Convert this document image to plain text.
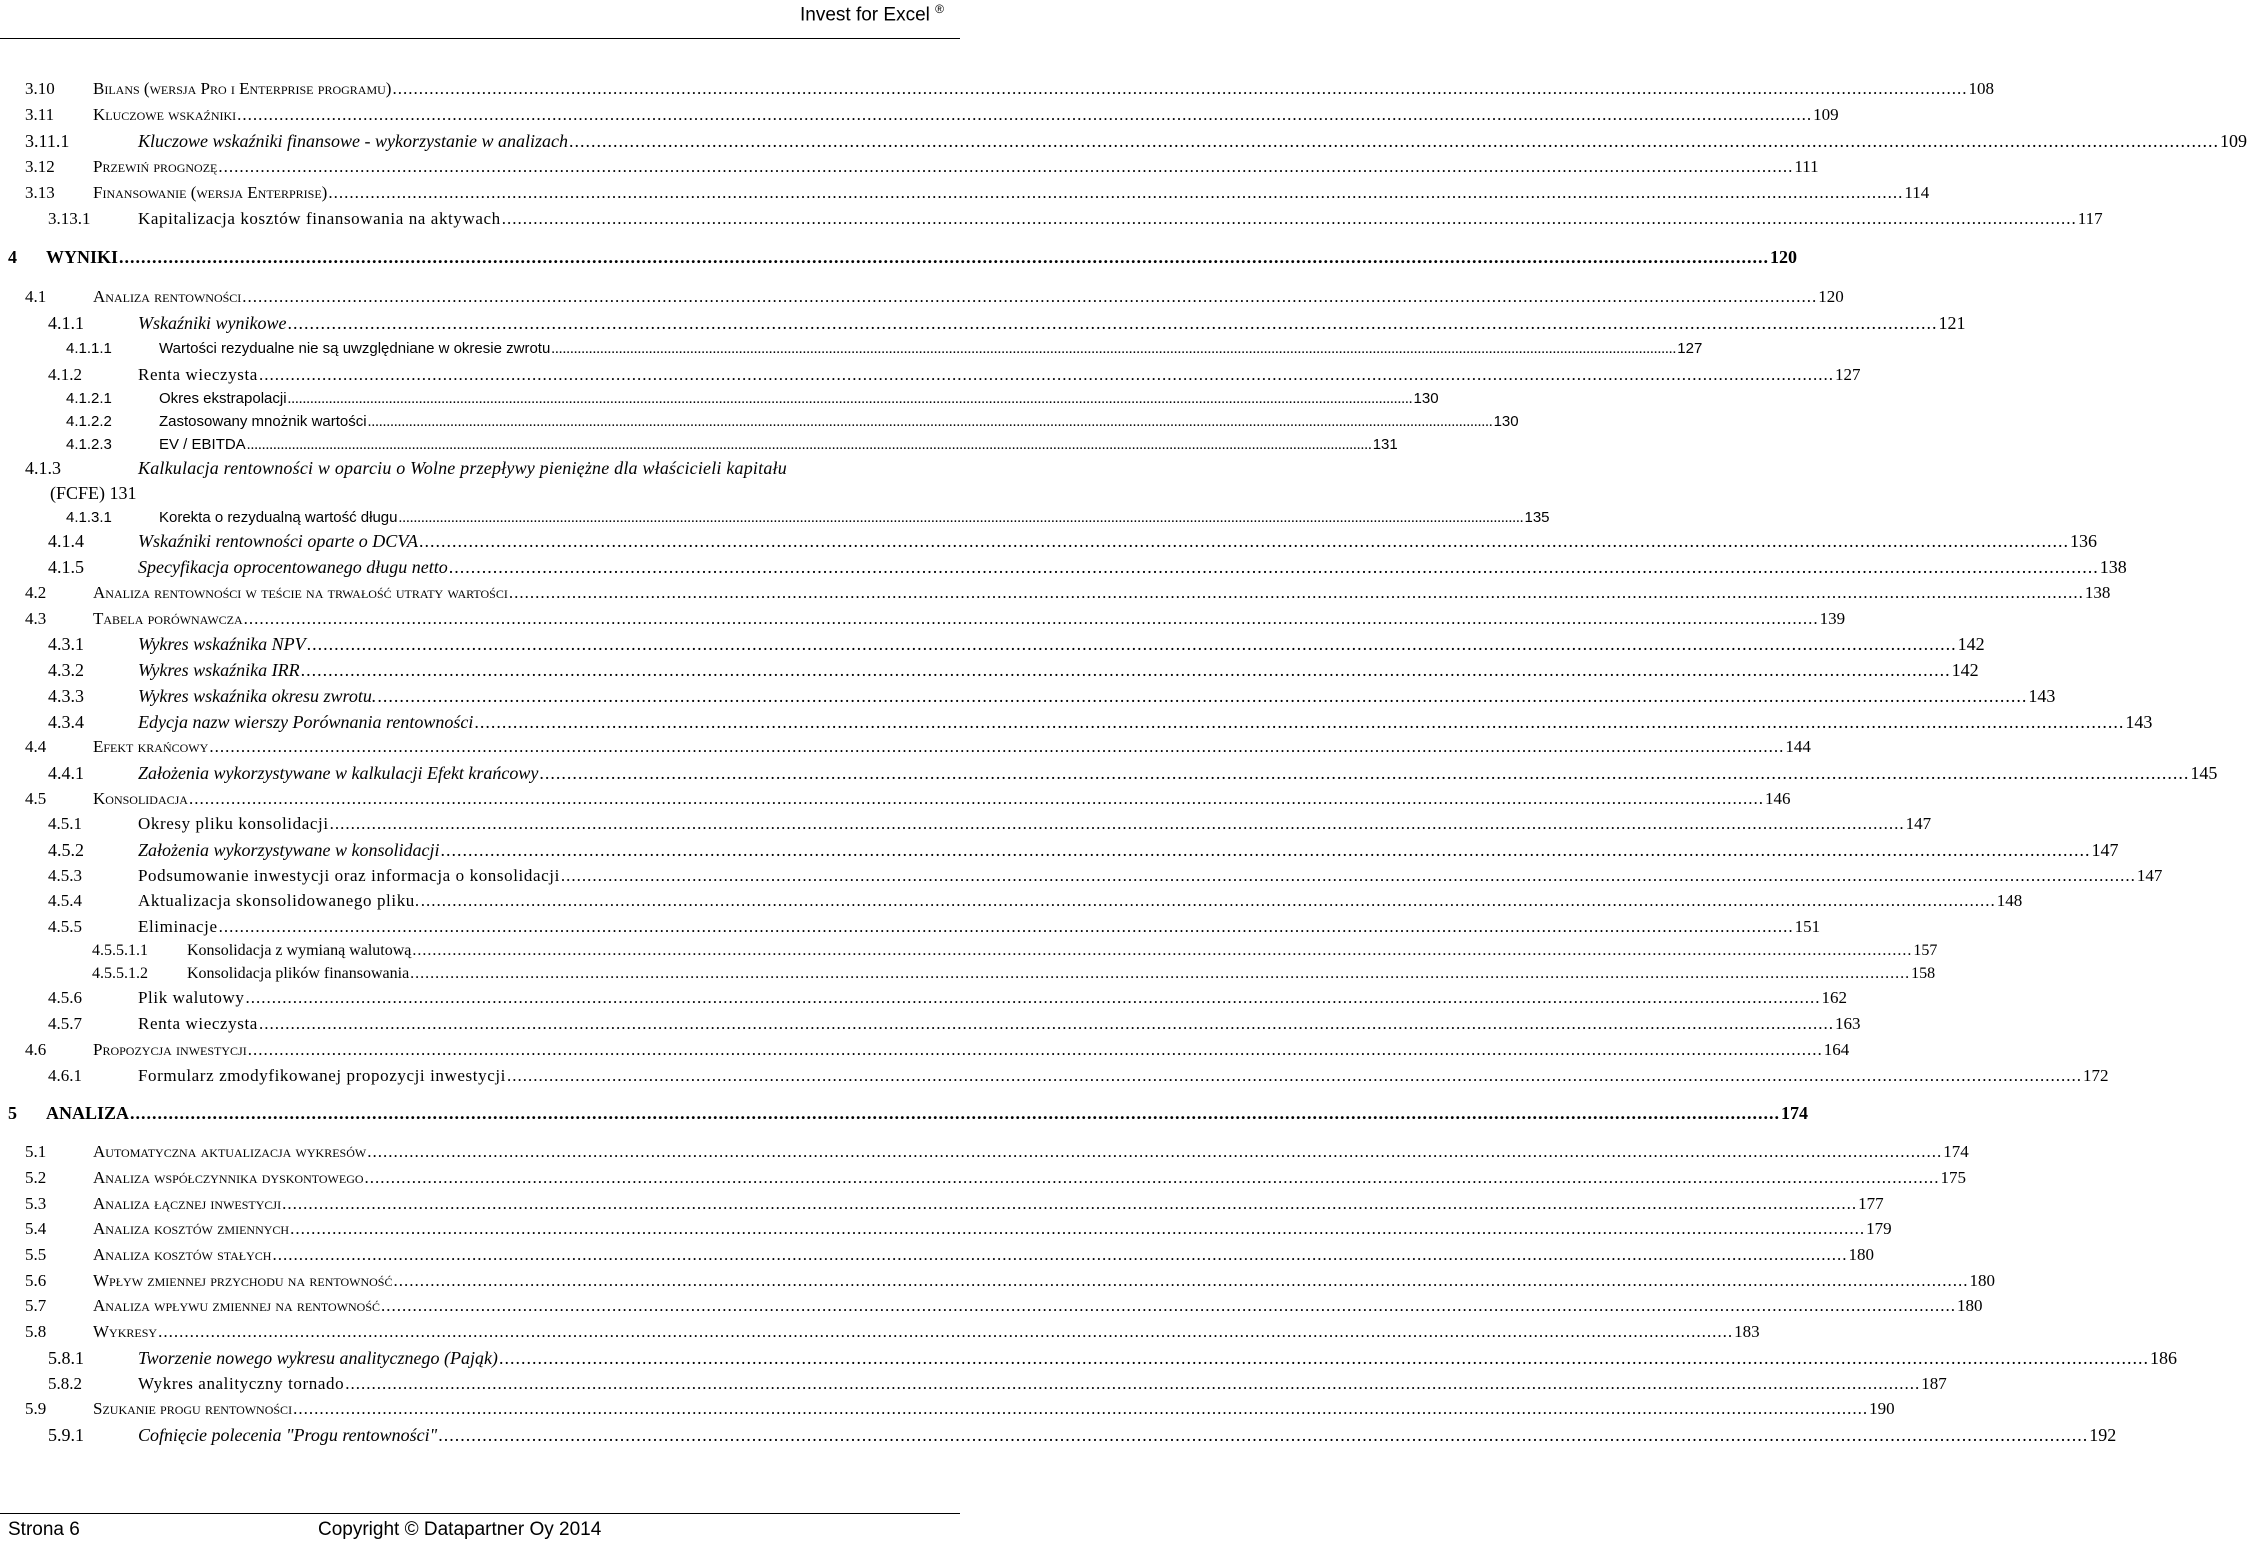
Invest for Excel ®
3.10 Bilans (wersja Pro i Enterprise programu) ............................................................................................................................................................................................................................................................................................................ 108
3.11 Kluczowe wskaźniki ............................................................................................................................................................................................................................................................................................................ 109
3.11.1	Kluczowe wskaźniki finansowe - wykorzystanie w analizach ............................................................................................................................................................................................................................................................................................................ 109
3.12 Przewiń prognozę ............................................................................................................................................................................................................................................................................................................ 111
3.13 Finansowanie (wersja Enterprise) ............................................................................................................................................................................................................................................................................................................ 114
3.13.1	Kapitalizacja kosztów finansowania na aktywach ............................................................................................................................................................................................................................................................................................................ 117
4 WYNIKI ............................................................................................................................................................................................................................................................................................................ 120
4.1	Analiza rentowności ............................................................................................................................................................................................................................................................................................................ 120
4.1.1	Wskaźniki wynikowe ............................................................................................................................................................................................................................................................................................................ 121
4.1.1.1	Wartości rezydualne nie są uwzględniane w okresie zwrotu ............................................................................................................................................................................................................................................................................................................ 127
4.1.2	Renta wieczysta ............................................................................................................................................................................................................................................................................................................ 127
4.1.2.1	Okres ekstrapolacji ............................................................................................................................................................................................................................................................................................................ 130
4.1.2.2	Zastosowany mnożnik wartości ............................................................................................................................................................................................................................................................................................................ 130
4.1.2.3	EV / EBITDA ............................................................................................................................................................................................................................................................................................................ 131
4.1.3	Kalkulacja rentowności w oparciu o Wolne przepływy pieniężne dla właścicieli kapitału
(FCFE) 131
4.1.3.1	Korekta o rezydualną wartość długu ............................................................................................................................................................................................................................................................................................................ 135
4.1.4	Wskaźniki rentowności oparte o DCVA ............................................................................................................................................................................................................................................................................................................ 136
4.1.5	Specyfikacja oprocentowanego długu netto ............................................................................................................................................................................................................................................................................................................ 138
4.2	Analiza rentowności w teście na trwałość utraty wartości ............................................................................................................................................................................................................................................................................................................ 138
4.3	Tabela porównawcza ............................................................................................................................................................................................................................................................................................................ 139
4.3.1	Wykres wskaźnika NPV ............................................................................................................................................................................................................................................................................................................ 142
4.3.2	Wykres wskaźnika IRR ............................................................................................................................................................................................................................................................................................................ 142
4.3.3	Wykres wskaźnika okresu zwrotu. ............................................................................................................................................................................................................................................................................................................ 143
4.3.4	Edycja nazw wierszy Porównania rentowności ............................................................................................................................................................................................................................................................................................................ 143
4.4	Efekt krańcowy ............................................................................................................................................................................................................................................................................................................ 144
4.4.1	Założenia wykorzystywane w kalkulacji Efekt krańcowy ............................................................................................................................................................................................................................................................................................................ 145
4.5	Konsolidacja ............................................................................................................................................................................................................................................................................................................ 146
4.5.1	Okresy pliku konsolidacji ............................................................................................................................................................................................................................................................................................................ 147
4.5.2	Założenia wykorzystywane w konsolidacji ............................................................................................................................................................................................................................................................................................................ 147
4.5.3	Podsumowanie inwestycji oraz informacja o konsolidacji ............................................................................................................................................................................................................................................................................................................ 147
4.5.4	Aktualizacja skonsolidowanego pliku. ............................................................................................................................................................................................................................................................................................................ 148
4.5.5	Eliminacje ............................................................................................................................................................................................................................................................................................................ 151
4.5.5.1.1 Konsolidacja z wymianą walutową ............................................................................................................................................................................................................................................................................................................ 157
4.5.5.1.2 Konsolidacja plików finansowania ............................................................................................................................................................................................................................................................................................................ 158
4.5.6	Plik walutowy ............................................................................................................................................................................................................................................................................................................ 162
4.5.7	Renta wieczysta ............................................................................................................................................................................................................................................................................................................ 163
4.6	Propozycja inwestycji ............................................................................................................................................................................................................................................................................................................ 164
4.6.1	Formularz zmodyfikowanej propozycji inwestycji ............................................................................................................................................................................................................................................................................................................ 172
5 ANALIZA ............................................................................................................................................................................................................................................................................................................ 174
5.1	Automatyczna aktualizacja wykresów ............................................................................................................................................................................................................................................................................................................ 174
5.2	Analiza współczynnika dyskontowego ............................................................................................................................................................................................................................................................................................................ 175
5.3	Analiza łącznej inwestycji ............................................................................................................................................................................................................................................................................................................ 177
5.4	Analiza kosztów zmiennych ............................................................................................................................................................................................................................................................................................................ 179
5.5	Analiza kosztów stałych ............................................................................................................................................................................................................................................................................................................ 180
5.6	Wpływ zmiennej przychodu na rentowność ............................................................................................................................................................................................................................................................................................................ 180
5.7	Analiza wpływu zmiennej na rentowność ............................................................................................................................................................................................................................................................................................................ 180
5.8	Wykresy ............................................................................................................................................................................................................................................................................................................ 183
5.8.1	Tworzenie nowego wykresu analitycznego (Pająk) ............................................................................................................................................................................................................................................................................................................ 186
5.8.2	Wykres analityczny tornado ............................................................................................................................................................................................................................................................................................................ 187
5.9	Szukanie progu rentowności ............................................................................................................................................................................................................................................................................................................ 190
5.9.1	Cofnięcie polecenia "Progu rentowności" ............................................................................................................................................................................................................................................................................................................ 192
Strona 6	Copyright © Datapartner Oy 2014
